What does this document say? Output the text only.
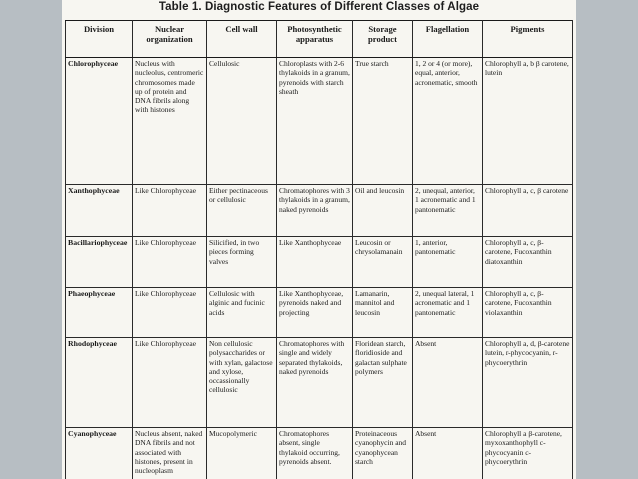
Table 1. Diagnostic Features of Different Classes of Algae
Division	Nuclear organization	Cell wall	Photosynthetic apparatus	Storage product	Flagellation	Pigments
Chlorophyceae	Nucleus with nucleolus, centromeric chromosomes made up of protein and DNA fibrils along with histones	Cellulosic	Chloroplasts with 2-6 thylakoids in a granum, pyrenoids with starch sheath	True starch	1, 2 or 4 (or more), equal, anterior, acronematic, smooth	Chlorophyll a, b β carotene, lutein
Xanthophyceae	Like Chlorophyceae	Either pectinaceous or cellulosic	Chromatophores with 3 thylakoids in a granum, naked pyrenoids	Oil and leucosin	2, unequal, anterior, 1 acronematic and 1 pantonematic	Chlorophyll a, c, β carotene
Bacillariophyceae	Like Chlorophyceae	Silicified, in two pieces forming valves	Like Xanthophyceae	Leucosin or chrysolamanain	1, anterior, pantonematic	Chlorophyll a, c, β-carotene, Fucoxanthin diatoxanthin
Phaeophyceae	Like Chlorophyceae	Cellulosic with alginic and fucinic acids	Like Xanthophyceae, pyrenoids naked and projecting	Lamanarin, mannitol and leucosin	2, unequal lateral, 1 acronematic and 1 pantonematic	Chlorophyll a, c, β-carotene, Fucoxanthin violaxanthin
Rhodophyceae	Like Chlorophyceae	Non cellulosic polysaccharides or with xylan, galactose and xylose, occassionally cellulosic	Chromatophores with single and widely separated thylakoids, naked pyrenoids	Floridean starch, floridioside and galactan sulphate polymers	Absent	Chlorophyll a, d, β-carotene lutein, r-phycocyanin, r-phycoerythrin
Cyanophyceae	Nucleus absent, naked DNA fibrils and not associated with histones, present in nucleoplasm	Mucopolymeric	Chromatophores absent, single thylakoid occurring, pyrenoids absent.	Proteinaceous cyanophycin and cyanophycean starch	Absent	Chlorophyll a β-carotene, myxoxanthophyll c-phycocyanin c-phycoerythrin
